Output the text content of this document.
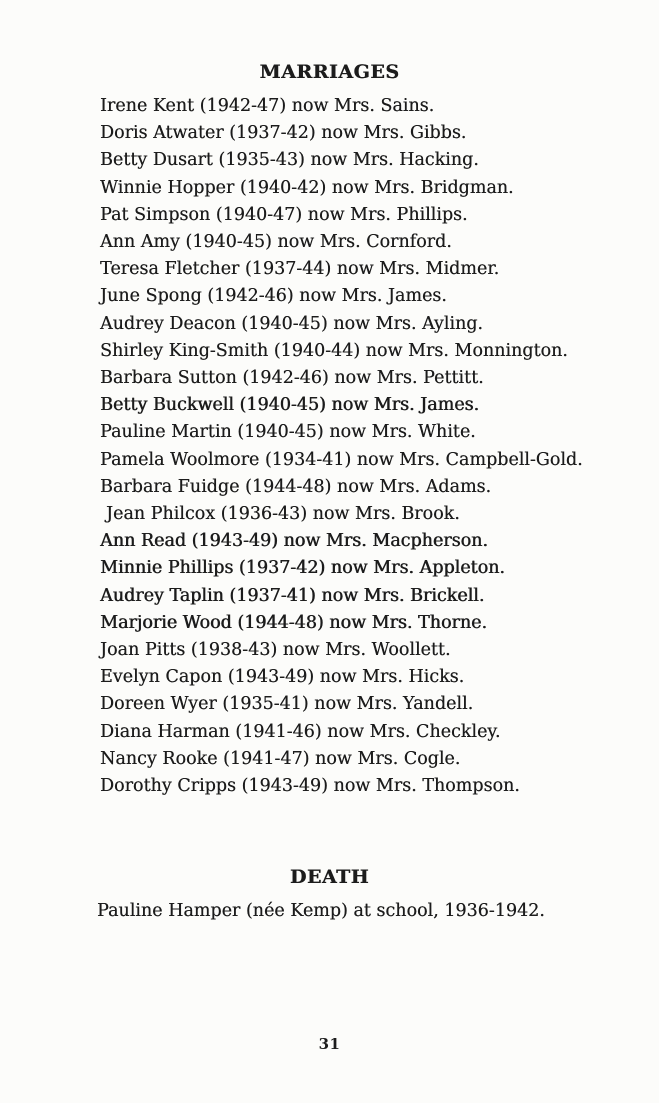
MARRIAGES

Irene Kent (1942-47) now Mrs. Sains.

Doris Atwater (1937-42) now Mrs. Gibbs.

Betty Dusart (1935-43) now Mrs. Hacking.

Winnie Hopper (1940-42) now Mrs. Bridgman.

Pat Simpson (1940-47) now Mrs. Phillips.

Ann Amy (1940-45) now Mrs. Cornford.

Teresa Fletcher (1937-44) now Mrs. Midmer.

June Spong (1942-46) now Mrs. James.

Audrey Deacon (1940-45) now Mrs. Ayling.

Shirley King-Smith (1940-44) now Mrs. Monnington.

Barbara Sutton (1942-46) now Mrs. Pettitt.

Betty Buckwell (1940-45) now Mrs. James.

Pauline Martin (1940-45) now Mrs. White.

Pamela Woolmore (1934-41) now Mrs. Campbell-Gold.

Barbara Fuidge (1944-48) now Mrs. Adams.

Jean Philcox (1936-43) now Mrs. Brook.

Ann Read (1943-49) now Mrs. Macpherson.

Minnie Phillips (1937-42) now Mrs. Appleton.

Audrey Taplin (1937-41) now Mrs. Brickell.

Marjorie Wood (1944-48) now Mrs. Thorne.

Joan Pitts (1938-43) now Mrs. Woollett.

Evelyn Capon (1943-49) now Mrs. Hicks.

Doreen Wyer (1935-41) now Mrs. Yandell.

Diana Harman (1941-46) now Mrs. Checkley.

Nancy Rooke (1941-47) now Mrs. Cogle.

Dorothy Cripps (1943-49) now Mrs. Thompson.

DEATH

Pauline Hamper (née Kemp) at school, 1936-1942.

31
